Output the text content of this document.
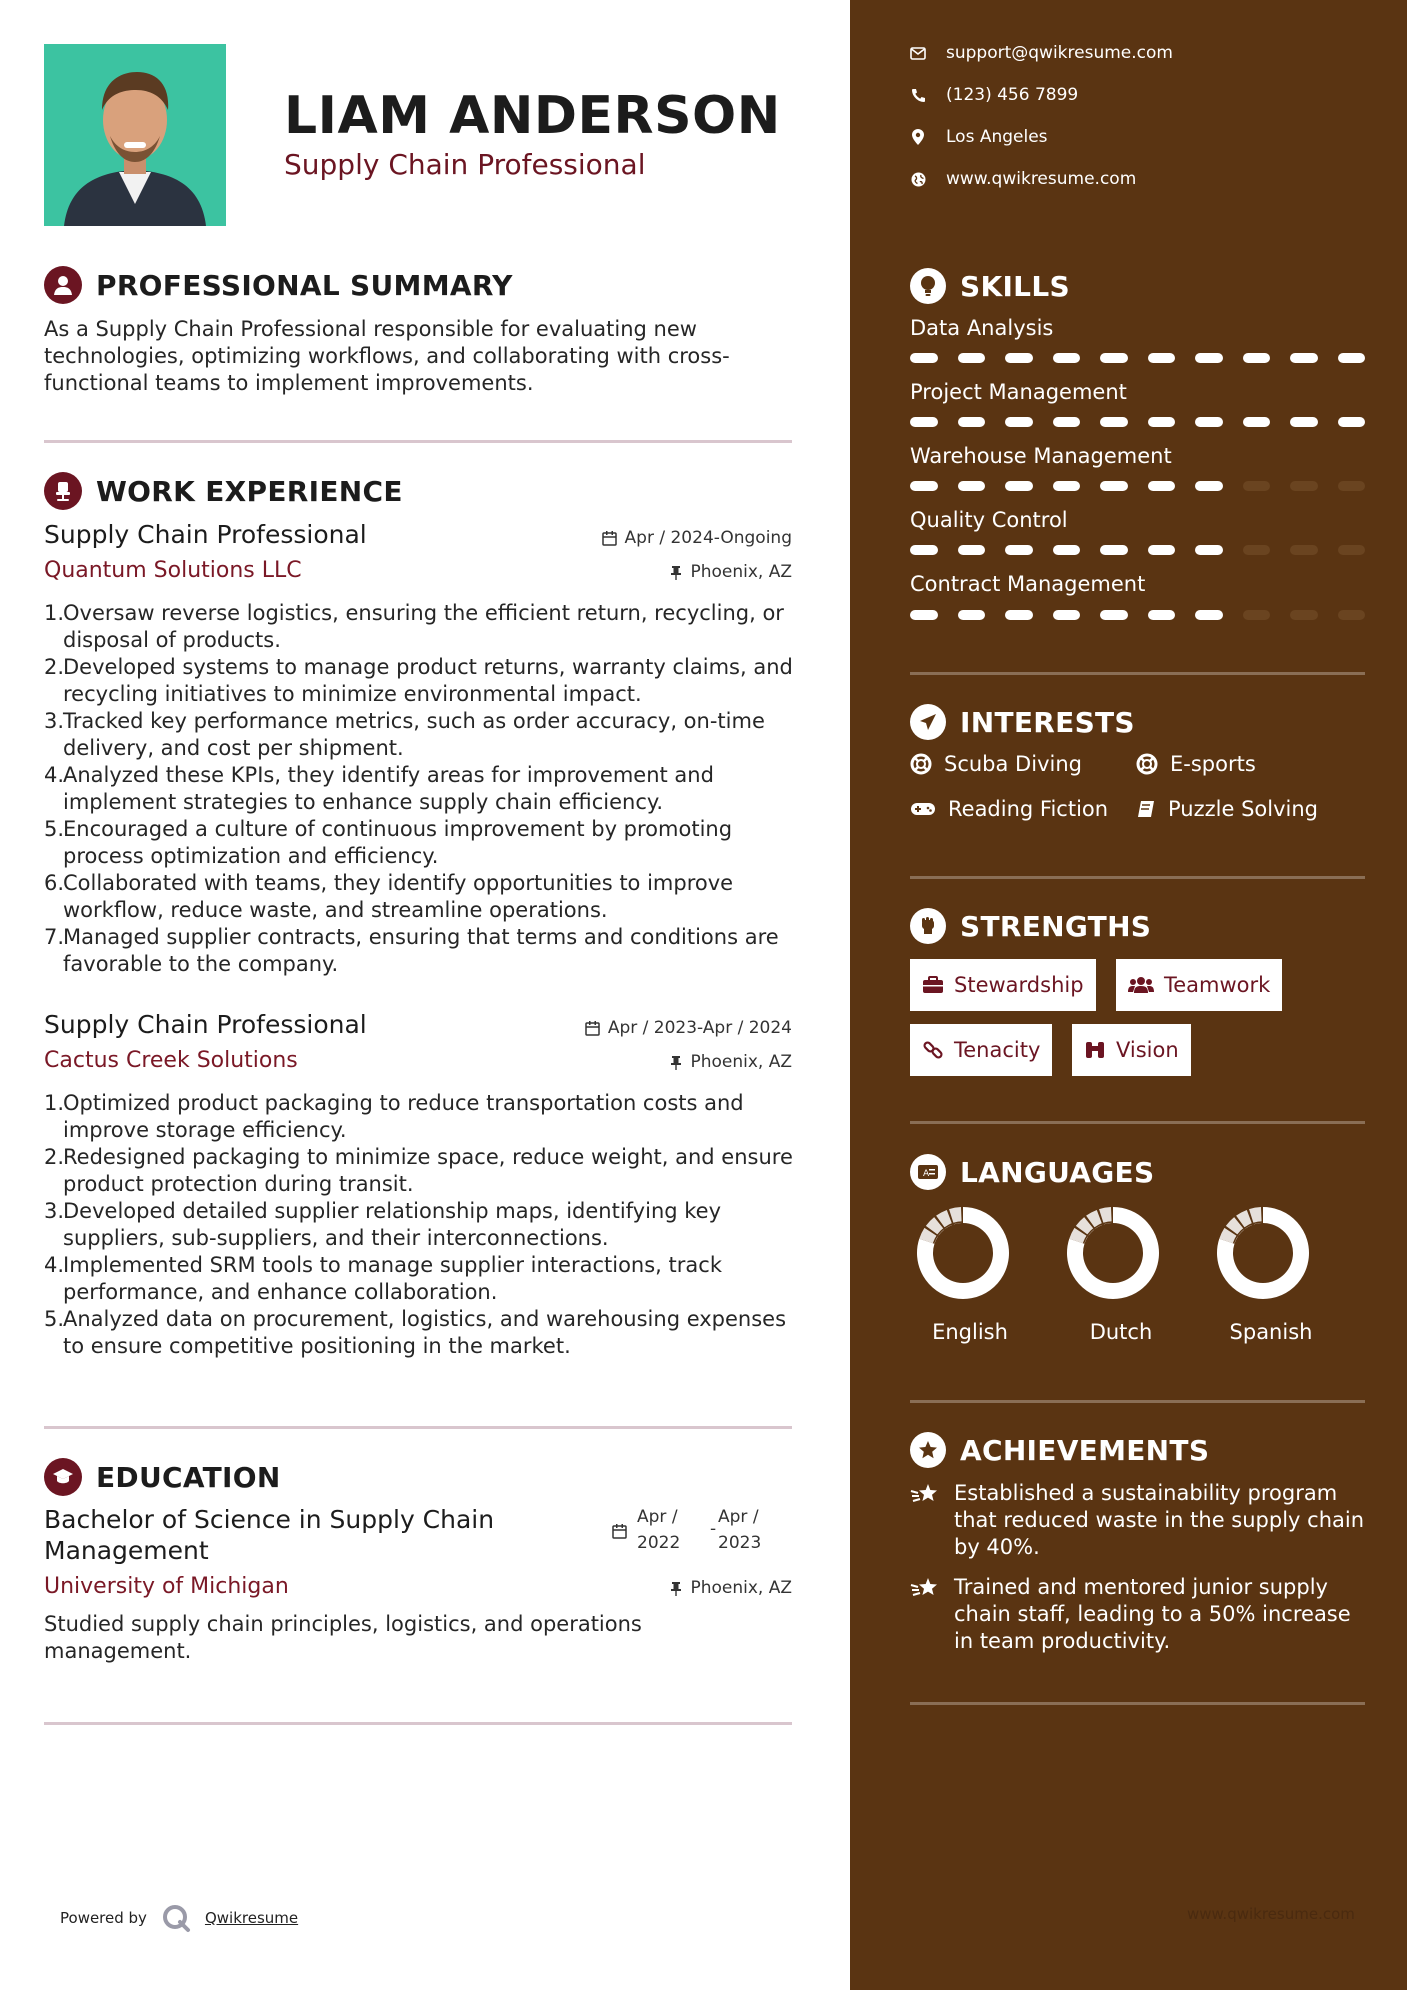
LIAM ANDERSON
Supply Chain Professional
PROFESSIONAL SUMMARY
As a Supply Chain Professional responsible for evaluating new technologies, optimizing workflows, and collaborating with cross-functional teams to implement improvements.
WORK EXPERIENCE
Supply Chain Professional	Apr / 2024-Ongoing
Quantum Solutions LLC	Phoenix, AZ
1.
Oversaw reverse logistics, ensuring the efficient return, recycling, or disposal of products.
2.
Developed systems to manage product returns, warranty claims, and recycling initiatives to minimize environmental impact.
3.
Tracked key performance metrics, such as order accuracy, on-time delivery, and cost per shipment.
4.
Analyzed these KPIs, they identify areas for improvement and implement strategies to enhance supply chain efficiency.
5.
Encouraged a culture of continuous improvement by promoting process optimization and efficiency.
6.
Collaborated with teams, they identify opportunities to improve workflow, reduce waste, and streamline operations.
7.
Managed supplier contracts, ensuring that terms and conditions are favorable to the company.
Supply Chain Professional	Apr / 2023-Apr / 2024
Cactus Creek Solutions	Phoenix, AZ
1.
Optimized product packaging to reduce transportation costs and improve storage efficiency.
2.
Redesigned packaging to minimize space, reduce weight, and ensure product protection during transit.
3.
Developed detailed supplier relationship maps, identifying key suppliers, sub-suppliers, and their interconnections.
4.
Implemented SRM tools to manage supplier interactions, track performance, and enhance collaboration.
5.
Analyzed data on procurement, logistics, and warehousing expenses to ensure competitive positioning in the market.
EDUCATION
Bachelor of Science in Supply Chain Management
Apr /
2022
-
Apr /
2023
University of Michigan	Phoenix, AZ
Studied supply chain principles, logistics, and operations management.
Powered by	Qwikresume
support@qwikresume.com
(123) 456 7899
Los Angeles
www.qwikresume.com
SKILLS
Data Analysis
Project Management
Warehouse Management
Quality Control
Contract Management
INTERESTS
Scuba Diving	E-sports
Reading Fiction	Puzzle Solving
STRENGTHS
Stewardship	Teamwork
Tenacity	Vision
A LANGUAGES
English	Dutch	Spanish
ACHIEVEMENTS
Established a sustainability program that reduced waste in the supply chain by 40%.
Trained and mentored junior supply chain staff, leading to a 50% increase in team productivity.
www.qwikresume.com
